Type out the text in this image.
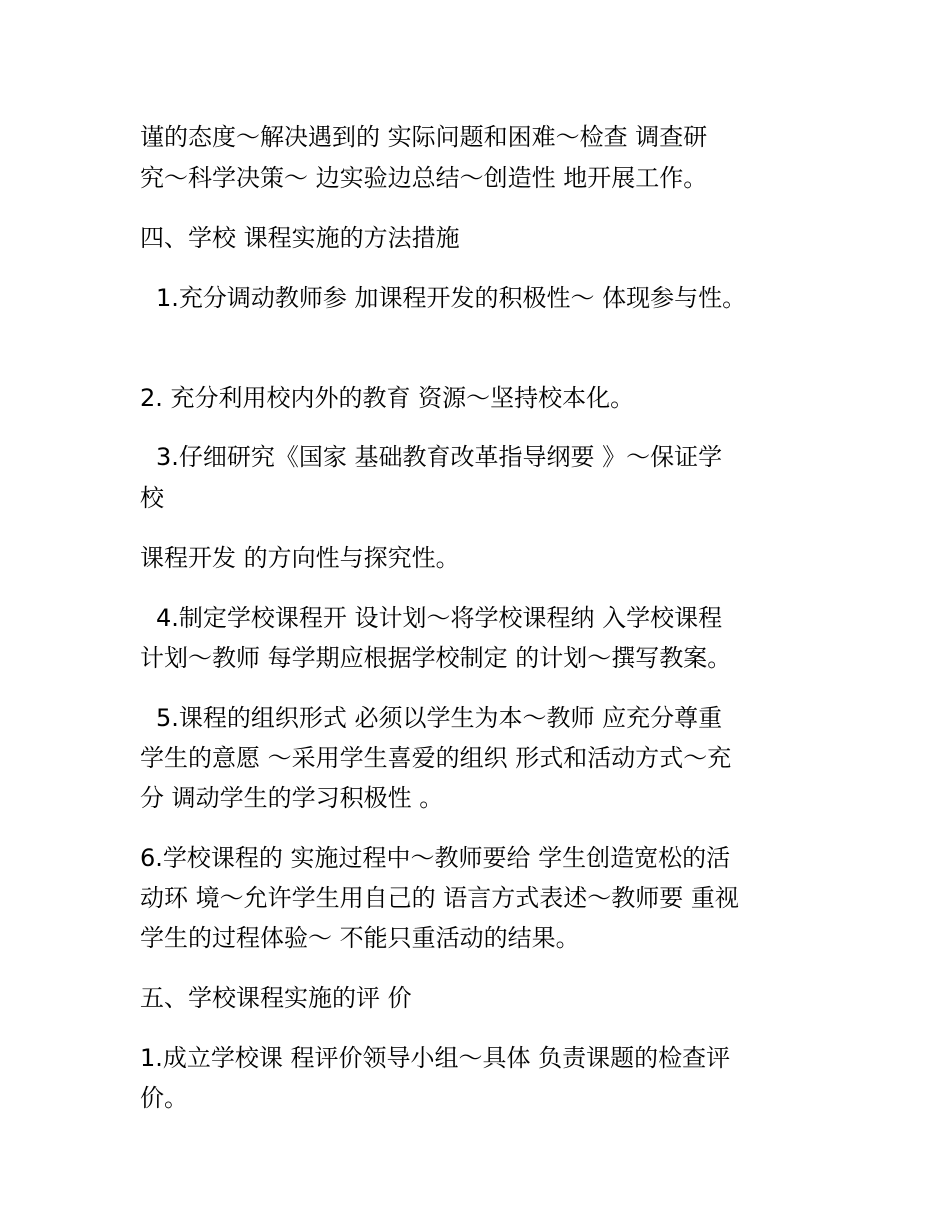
谨的态度～解决遇到的 实际问题和困难～检查 调查研
究～科学决策～ 边实验边总结～创造性 地开展工作。
四、学校 课程实施的方法措施
1.充分调动教师参 加课程开发的积极性～ 体现参与性。
2. 充分利用校内外的教育 资源～坚持校本化。
3.仔细研究《国家 基础教育改革指导纲要 》～保证学
校
课程开发 的方向性与探究性。
4.制定学校课程开 设计划～将学校课程纳 入学校课程
计划～教师 每学期应根据学校制定 的计划～撰写教案。
5.课程的组织形式 必须以学生为本～教师 应充分尊重
学生的意愿 ～采用学生喜爱的组织 形式和活动方式～充
分 调动学生的学习积极性 。
6.学校课程的 实施过程中～教师要给 学生创造宽松的活
动环 境～允许学生用自己的 语言方式表述～教师要 重视
学生的过程体验～ 不能只重活动的结果。
五、学校课程实施的评 价
1.成立学校课 程评价领导小组～具体 负责课题的检查评
价。
